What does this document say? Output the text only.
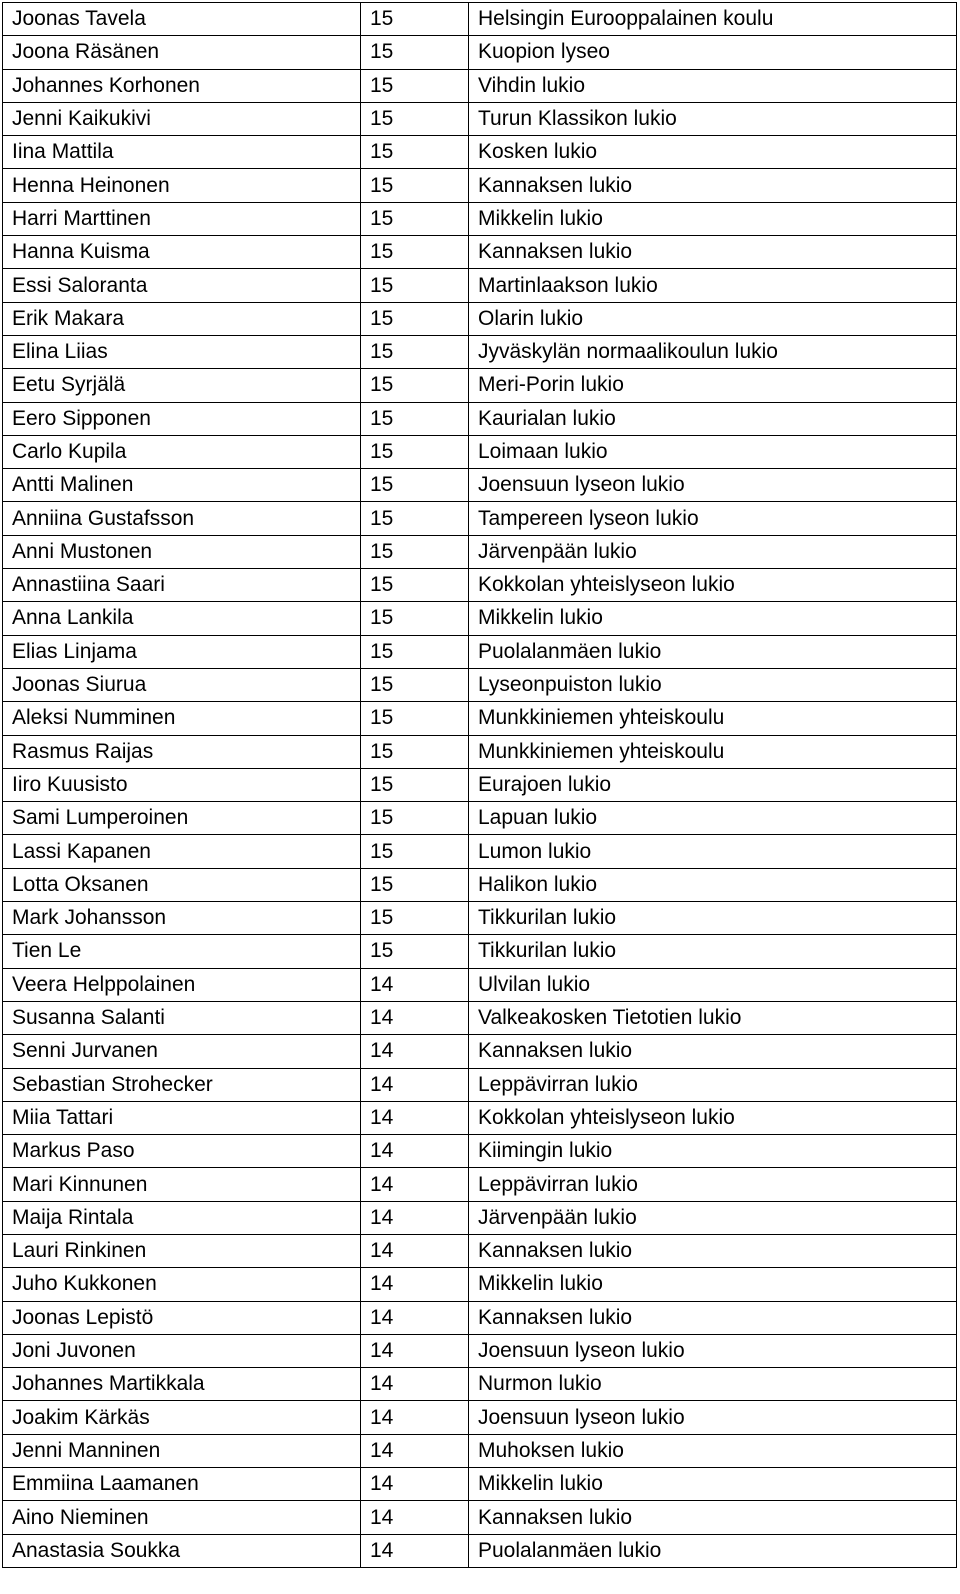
Joonas Tavela	15	Helsingin Eurooppalainen koulu
Joona Räsänen	15	Kuopion lyseo
Johannes Korhonen	15	Vihdin lukio
Jenni Kaikukivi	15	Turun Klassikon lukio
Iina Mattila	15	Kosken lukio
Henna Heinonen	15	Kannaksen lukio
Harri Marttinen	15	Mikkelin lukio
Hanna Kuisma	15	Kannaksen lukio
Essi Saloranta	15	Martinlaakson lukio
Erik Makara	15	Olarin lukio
Elina Liias	15	Jyväskylän normaalikoulun lukio
Eetu Syrjälä	15	Meri-Porin lukio
Eero Sipponen	15	Kaurialan lukio
Carlo Kupila	15	Loimaan lukio
Antti Malinen	15	Joensuun lyseon lukio
Anniina Gustafsson	15	Tampereen lyseon lukio
Anni Mustonen	15	Järvenpään lukio
Annastiina Saari	15	Kokkolan yhteislyseon lukio
Anna Lankila	15	Mikkelin lukio
Elias Linjama	15	Puolalanmäen lukio
Joonas Siurua	15	Lyseonpuiston lukio
Aleksi Numminen	15	Munkkiniemen yhteiskoulu
Rasmus Raijas	15	Munkkiniemen yhteiskoulu
Iiro Kuusisto	15	Eurajoen lukio
Sami Lumperoinen	15	Lapuan lukio
Lassi Kapanen	15	Lumon lukio
Lotta Oksanen	15	Halikon lukio
Mark Johansson	15	Tikkurilan lukio
Tien Le	15	Tikkurilan lukio
Veera Helppolainen	14	Ulvilan lukio
Susanna Salanti	14	Valkeakosken Tietotien lukio
Senni Jurvanen	14	Kannaksen lukio
Sebastian Strohecker	14	Leppävirran lukio
Miia Tattari	14	Kokkolan yhteislyseon lukio
Markus Paso	14	Kiimingin lukio
Mari Kinnunen	14	Leppävirran lukio
Maija Rintala	14	Järvenpään lukio
Lauri Rinkinen	14	Kannaksen lukio
Juho Kukkonen	14	Mikkelin lukio
Joonas Lepistö	14	Kannaksen lukio
Joni Juvonen	14	Joensuun lyseon lukio
Johannes Martikkala	14	Nurmon lukio
Joakim Kärkäs	14	Joensuun lyseon lukio
Jenni Manninen	14	Muhoksen lukio
Emmiina Laamanen	14	Mikkelin lukio
Aino Nieminen	14	Kannaksen lukio
Anastasia Soukka	14	Puolalanmäen lukio
